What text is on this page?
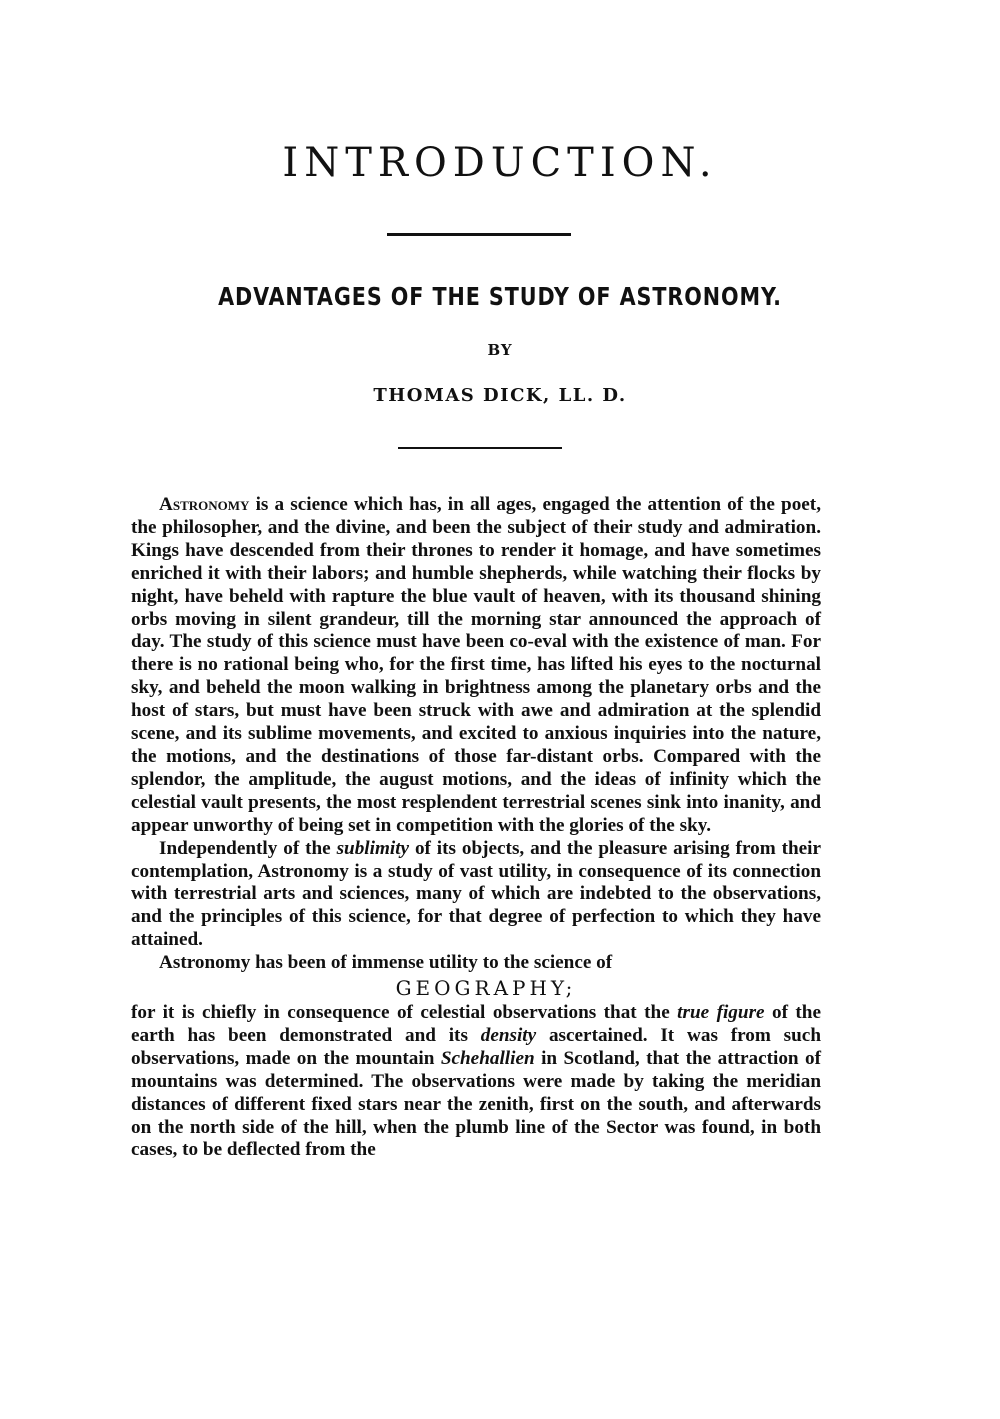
INTRODUCTION.
ADVANTAGES OF THE STUDY OF ASTRONOMY.
BY
THOMAS DICK, LL. D.

Astronomy is a science which has, in all ages, engaged the attention of the poet, the philosopher, and the divine, and been the subject of their study and admiration. Kings have descended from their thrones to render it homage, and have sometimes enriched it with their labors; and humble shepherds, while watching their flocks by night, have beheld with rapture the blue vault of heaven, with its thousand shining orbs moving in silent grandeur, till the morning star announced the approach of day. The study of this science must have been co-eval with the existence of man. For there is no rational being who, for the first time, has lifted his eyes to the nocturnal sky, and beheld the moon walking in brightness among the planetary orbs and the host of stars, but must have been struck with awe and admiration at the splendid scene, and its sublime movements, and excited to anxious inquiries into the nature, the motions, and the destinations of those far-distant orbs. Compared with the splendor, the amplitude, the august motions, and the ideas of infinity which the celestial vault presents, the most resplendent terrestrial scenes sink into inanity, and appear unworthy of being set in competition with the glories of the sky.

Independently of the sublimity of its objects, and the pleasure arising from their contemplation, Astronomy is a study of vast utility, in consequence of its connection with terrestrial arts and sciences, many of which are indebted to the observations, and the principles of this science, for that degree of perfection to which they have attained.

Astronomy has been of immense utility to the science of

GEOGRAPHY;

for it is chiefly in consequence of celestial observations that the true figure of the earth has been demonstrated and its density ascertained. It was from such observations, made on the mountain Schehallien in Scotland, that the attraction of mountains was determined. The observations were made by taking the meridian distances of different fixed stars near the zenith, first on the south, and afterwards on the north side of the hill, when the plumb line of the Sector was found, in both cases, to be deflected from the
